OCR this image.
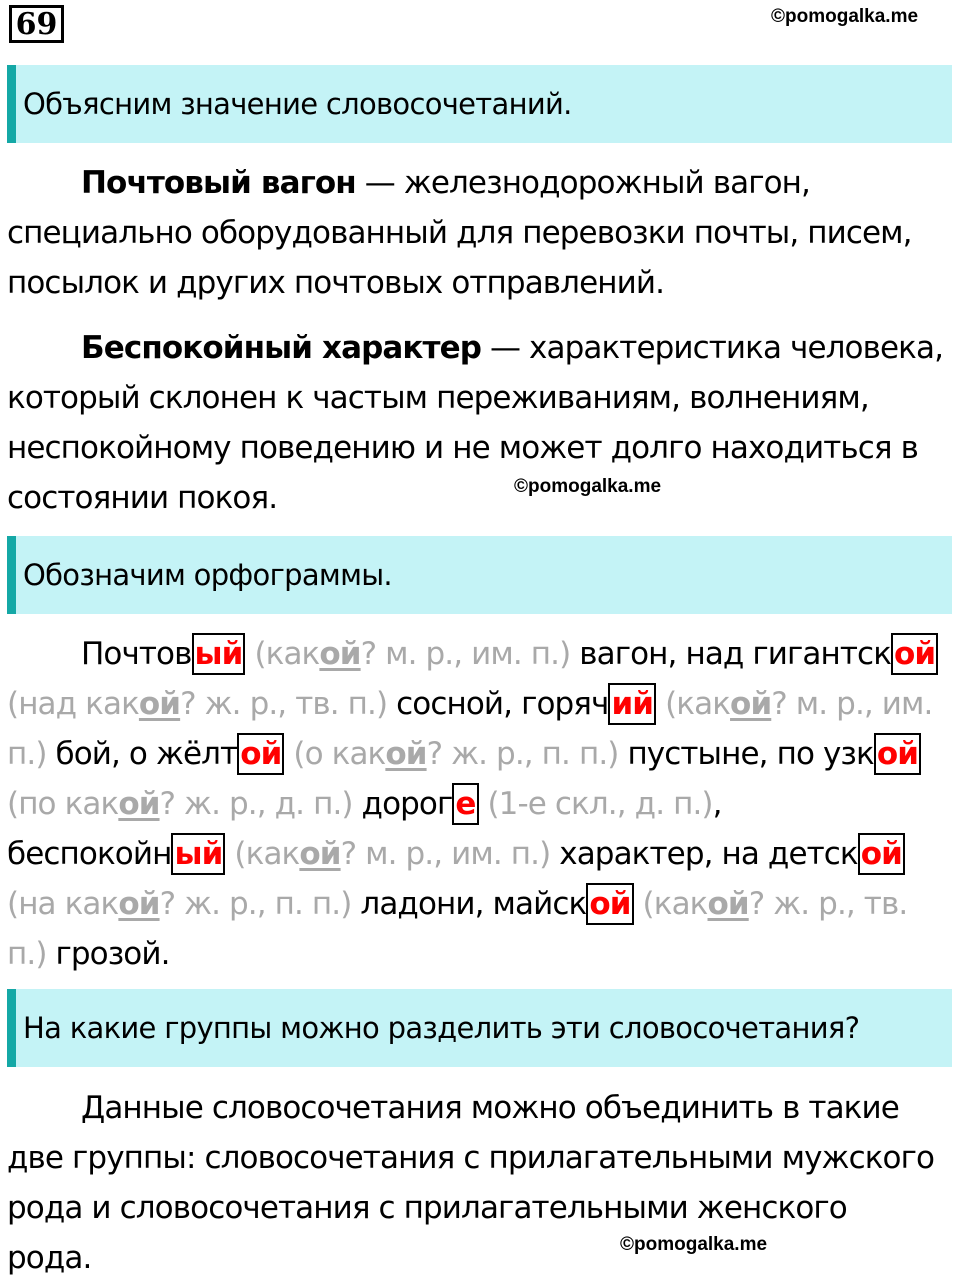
69	©pomogalka.me
Объясним значение словосочетаний.
Почтовый вагон — железнодорожный вагон,
специально оборудованный для перевозки почты, писем,
посылок и других почтовых отправлений.
Беспокойный характер — характеристика человека,
который склонен к частым переживаниям, волнениям,
неспокойному поведению и не может долго находиться в
состоянии покоя.	©pomogalka.me
Обозначим орфограммы.
Почтовый (какой? м. р., им. п.) вагон, над гигантской
(над какой? ж. р., тв. п.) сосной, горячий (какой? м. р., им.
п.) бой, о жёлтой (о какой? ж. р., п. п.) пустыне, по узкой
(по какой? ж. р., д. п.) дороге (1-е скл., д. п.),
беспокойный (какой? м. р., им. п.) характер, на детской
(на какой? ж. р., п. п.) ладони, майской (какой? ж. р., тв.
п.) грозой.
На какие группы можно разделить эти словосочетания?
Данные словосочетания можно объединить в такие
две группы: словосочетания с прилагательными мужского
рода и словосочетания с прилагательными женского
рода.	©pomogalka.me
